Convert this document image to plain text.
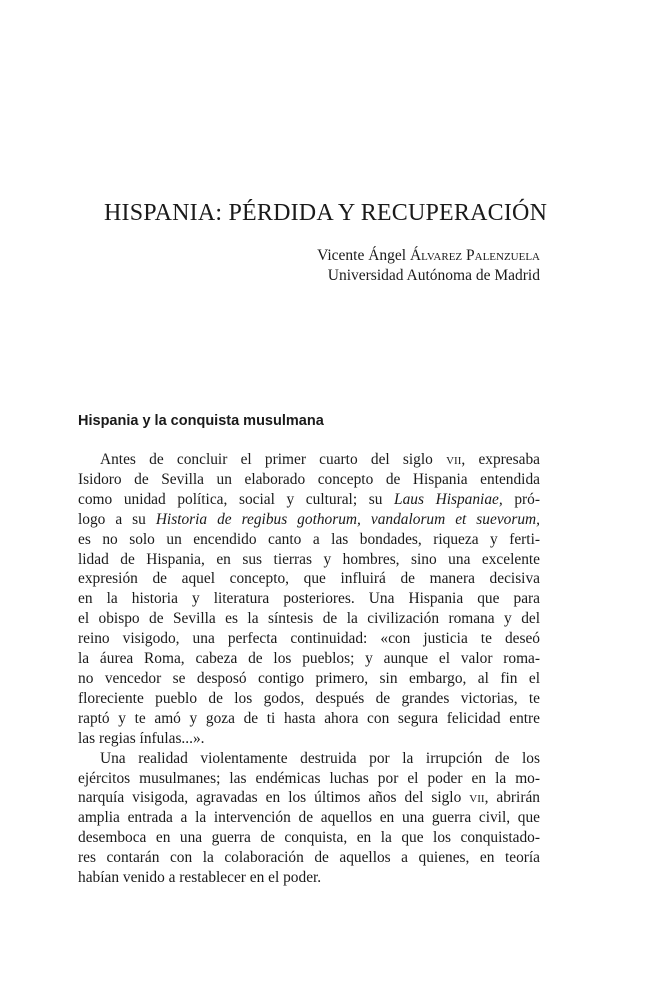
HISPANIA: PÉRDIDA Y RECUPERACIÓN
Vicente Ángel Álvarez Palenzuela
Universidad Autónoma de Madrid
Hispania y la conquista musulmana
Antes de concluir el primer cuarto del siglo vii, expresaba
Isidoro de Sevilla un elaborado concepto de Hispania entendida
como unidad política, social y cultural; su Laus Hispaniae, pró-
logo a su Historia de regibus gothorum, vandalorum et suevorum,
es no solo un encendido canto a las bondades, riqueza y ferti-
lidad de Hispania, en sus tierras y hombres, sino una excelente
expresión de aquel concepto, que influirá de manera decisiva
en la historia y literatura posteriores. Una Hispania que para
el obispo de Sevilla es la síntesis de la civilización romana y del
reino visigodo, una perfecta continuidad: «con justicia te deseó
la áurea Roma, cabeza de los pueblos; y aunque el valor roma-
no vencedor se desposó contigo primero, sin embargo, al fin el
floreciente pueblo de los godos, después de grandes victorias, te
raptó y te amó y goza de ti hasta ahora con segura felicidad entre
las regias ínfulas...».
Una realidad violentamente destruida por la irrupción de los
ejércitos musulmanes; las endémicas luchas por el poder en la mo-
narquía visigoda, agravadas en los últimos años del siglo vii, abrirán
amplia entrada a la intervención de aquellos en una guerra civil, que
desemboca en una guerra de conquista, en la que los conquistado-
res contarán con la colaboración de aquellos a quienes, en teoría
habían venido a restablecer en el poder.
